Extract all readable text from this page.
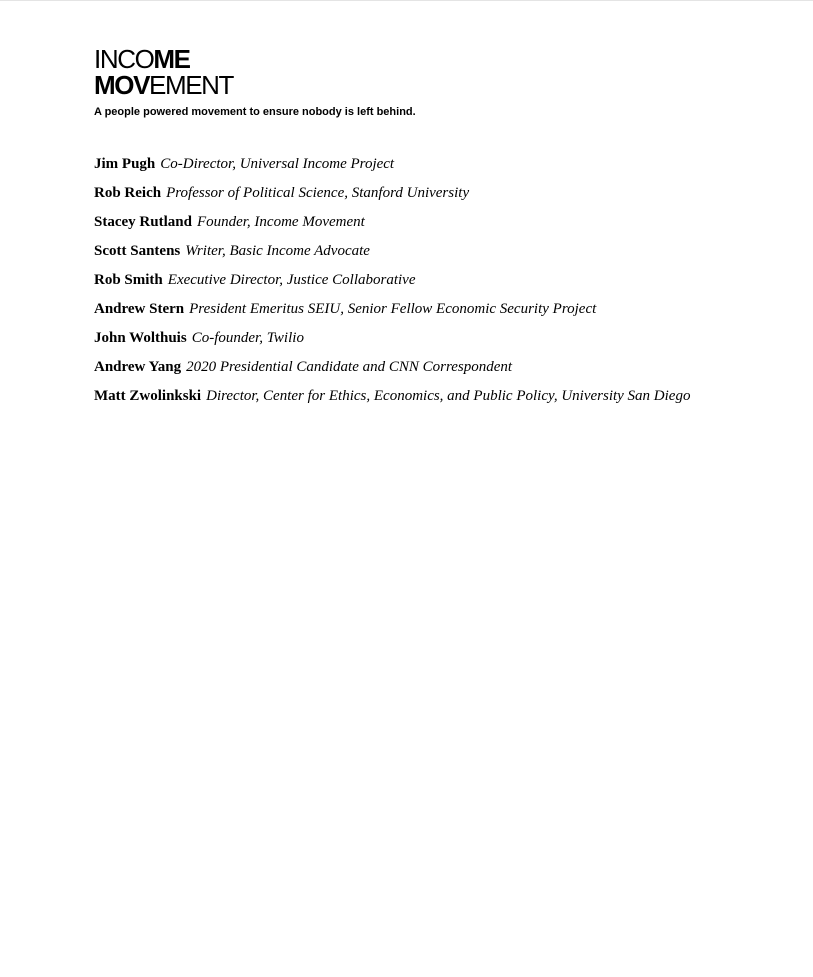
INCOME
MOVEMENT
A people powered movement to ensure nobody is left behind.
Jim Pugh Co-Director, Universal Income Project
Rob Reich Professor of Political Science, Stanford University
Stacey Rutland Founder, Income Movement
Scott Santens Writer, Basic Income Advocate
Rob Smith Executive Director, Justice Collaborative
Andrew Stern President Emeritus SEIU, Senior Fellow Economic Security Project
John Wolthuis Co-founder, Twilio
Andrew Yang 2020 Presidential Candidate and CNN Correspondent
Matt Zwolinkski Director, Center for Ethics, Economics, and Public Policy, University San Diego
